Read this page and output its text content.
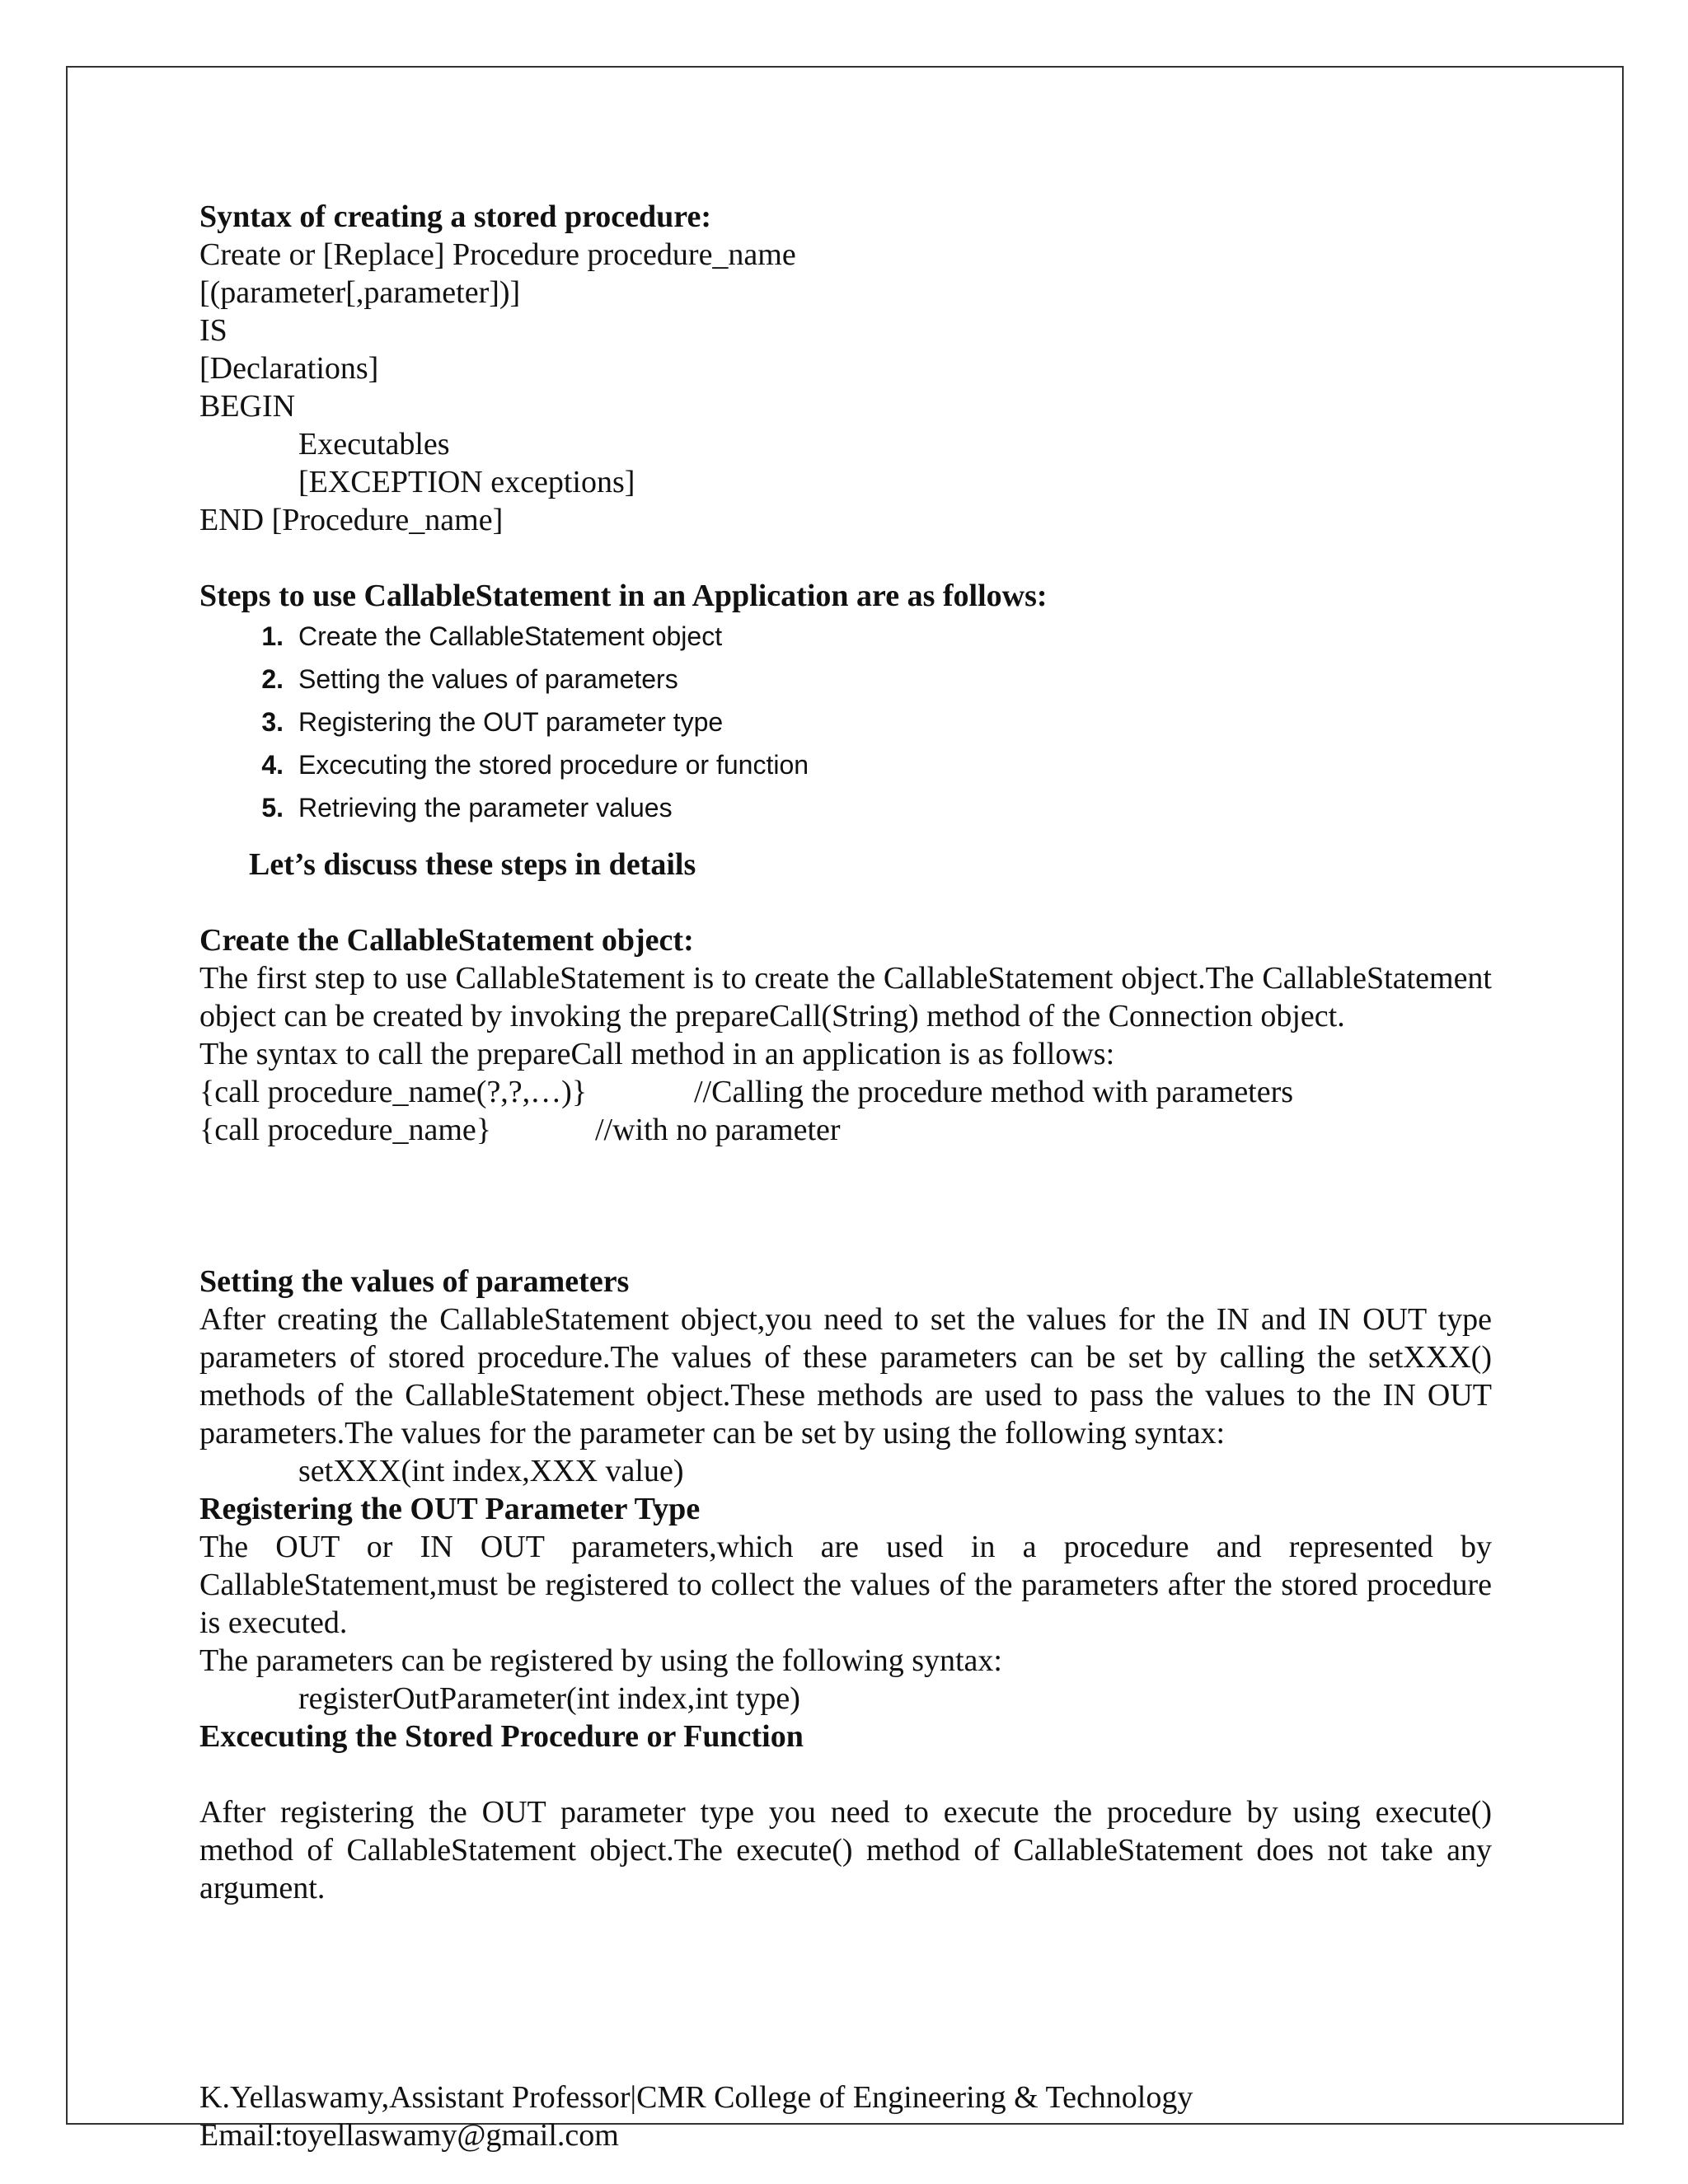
Syntax of creating a stored procedure:

Create or [Replace] Procedure procedure_name

[(parameter[,parameter])]

IS

[Declarations]

BEGIN

Executables

[EXCEPTION exceptions]

END [Procedure_name]

Steps to use CallableStatement in an Application are as follows:

1. Create the CallableStatement object
2. Setting the values of parameters
3. Registering the OUT parameter type
4. Excecuting the stored procedure or function
5. Retrieving the parameter values

Let’s discuss these steps in details

Create the CallableStatement object:

The first step to use CallableStatement is to create the CallableStatement object.The CallableStatement object can be created by invoking the prepareCall(String) method of the Connection object.

The syntax to call the prepareCall method in an application is as follows:

{call procedure_name(?,?,…)}	//Calling the procedure method with parameters
{call procedure_name}	//with no parameter

Setting the values of parameters

After creating the CallableStatement object,you need to set the values for the IN and IN OUT type parameters of stored procedure.The values of these parameters can be set by calling the setXXX() methods of the CallableStatement object.These methods are used to pass the values to the IN OUT parameters.The values for the parameter can be set by using the following syntax:

setXXX(int index,XXX value)

Registering the OUT Parameter Type

The OUT or IN OUT parameters,which are used in a procedure and represented by CallableStatement,must be registered to collect the values of the parameters after the stored procedure is executed.

The parameters can be registered by using the following syntax:

registerOutParameter(int index,int type)

Excecuting the Stored Procedure or Function

After registering the OUT parameter type you need to execute the procedure by using execute() method of CallableStatement object.The execute() method of CallableStatement does not take any argument.

K.Yellaswamy,Assistant Professor|CMR College of Engineering & Technology

Email:toyellaswamy@gmail.com
